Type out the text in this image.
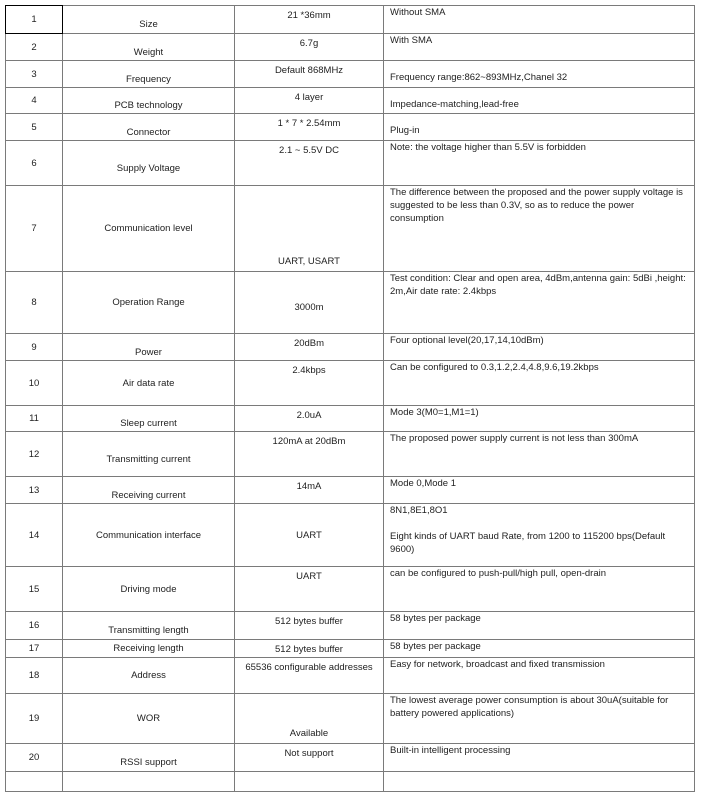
1	Size	21 *36mm	Without SMA
2	Weight	6.7g	With SMA
3	Frequency	Default 868MHz	Frequency range:862~893MHz,Chanel 32
4	PCB technology	4 layer	Impedance-matching,lead-free
5	Connector	1 * 7 * 2.54mm	Plug-in
6	Supply Voltage	2.1 ~ 5.5V DC	Note: the voltage higher than 5.5V is forbidden
7	Communication level	UART, USART	The difference between the proposed and the power supply voltage is suggested to be less than 0.3V, so as to reduce the power consumption
8	Operation Range	3000m	Test condition: Clear and open area, 4dBm,antenna gain: 5dBi ,height: 2m,Air date rate: 2.4kbps
9	Power	20dBm	Four optional level(20,17,14,10dBm)
10	Air data rate	2.4kbps	Can be configured to 0.3,1.2,2.4,4.8,9.6,19.2kbps
11	Sleep current	2.0uA	Mode 3(M0=1,M1=1)
12	Transmitting current	120mA at 20dBm	The proposed power supply current is not less than 300mA
13	Receiving current	14mA	Mode 0,Mode 1
14	Communication interface	UART	8N1,8E1,8O1
Eight kinds of UART baud Rate, from 1200 to 115200 bps(Default 9600)

15	Driving mode	UART	can be configured to push-pull/high pull, open-drain
16	Transmitting length	512 bytes buffer	58 bytes per package
17	Receiving length	512 bytes buffer	58 bytes per package
18	Address	65536 configurable addresses	Easy for network, broadcast and fixed transmission
19	WOR	Available	The lowest average power consumption is about 30uA(suitable for battery powered applications)
20	RSSI support	Not support	Built-in intelligent processing
